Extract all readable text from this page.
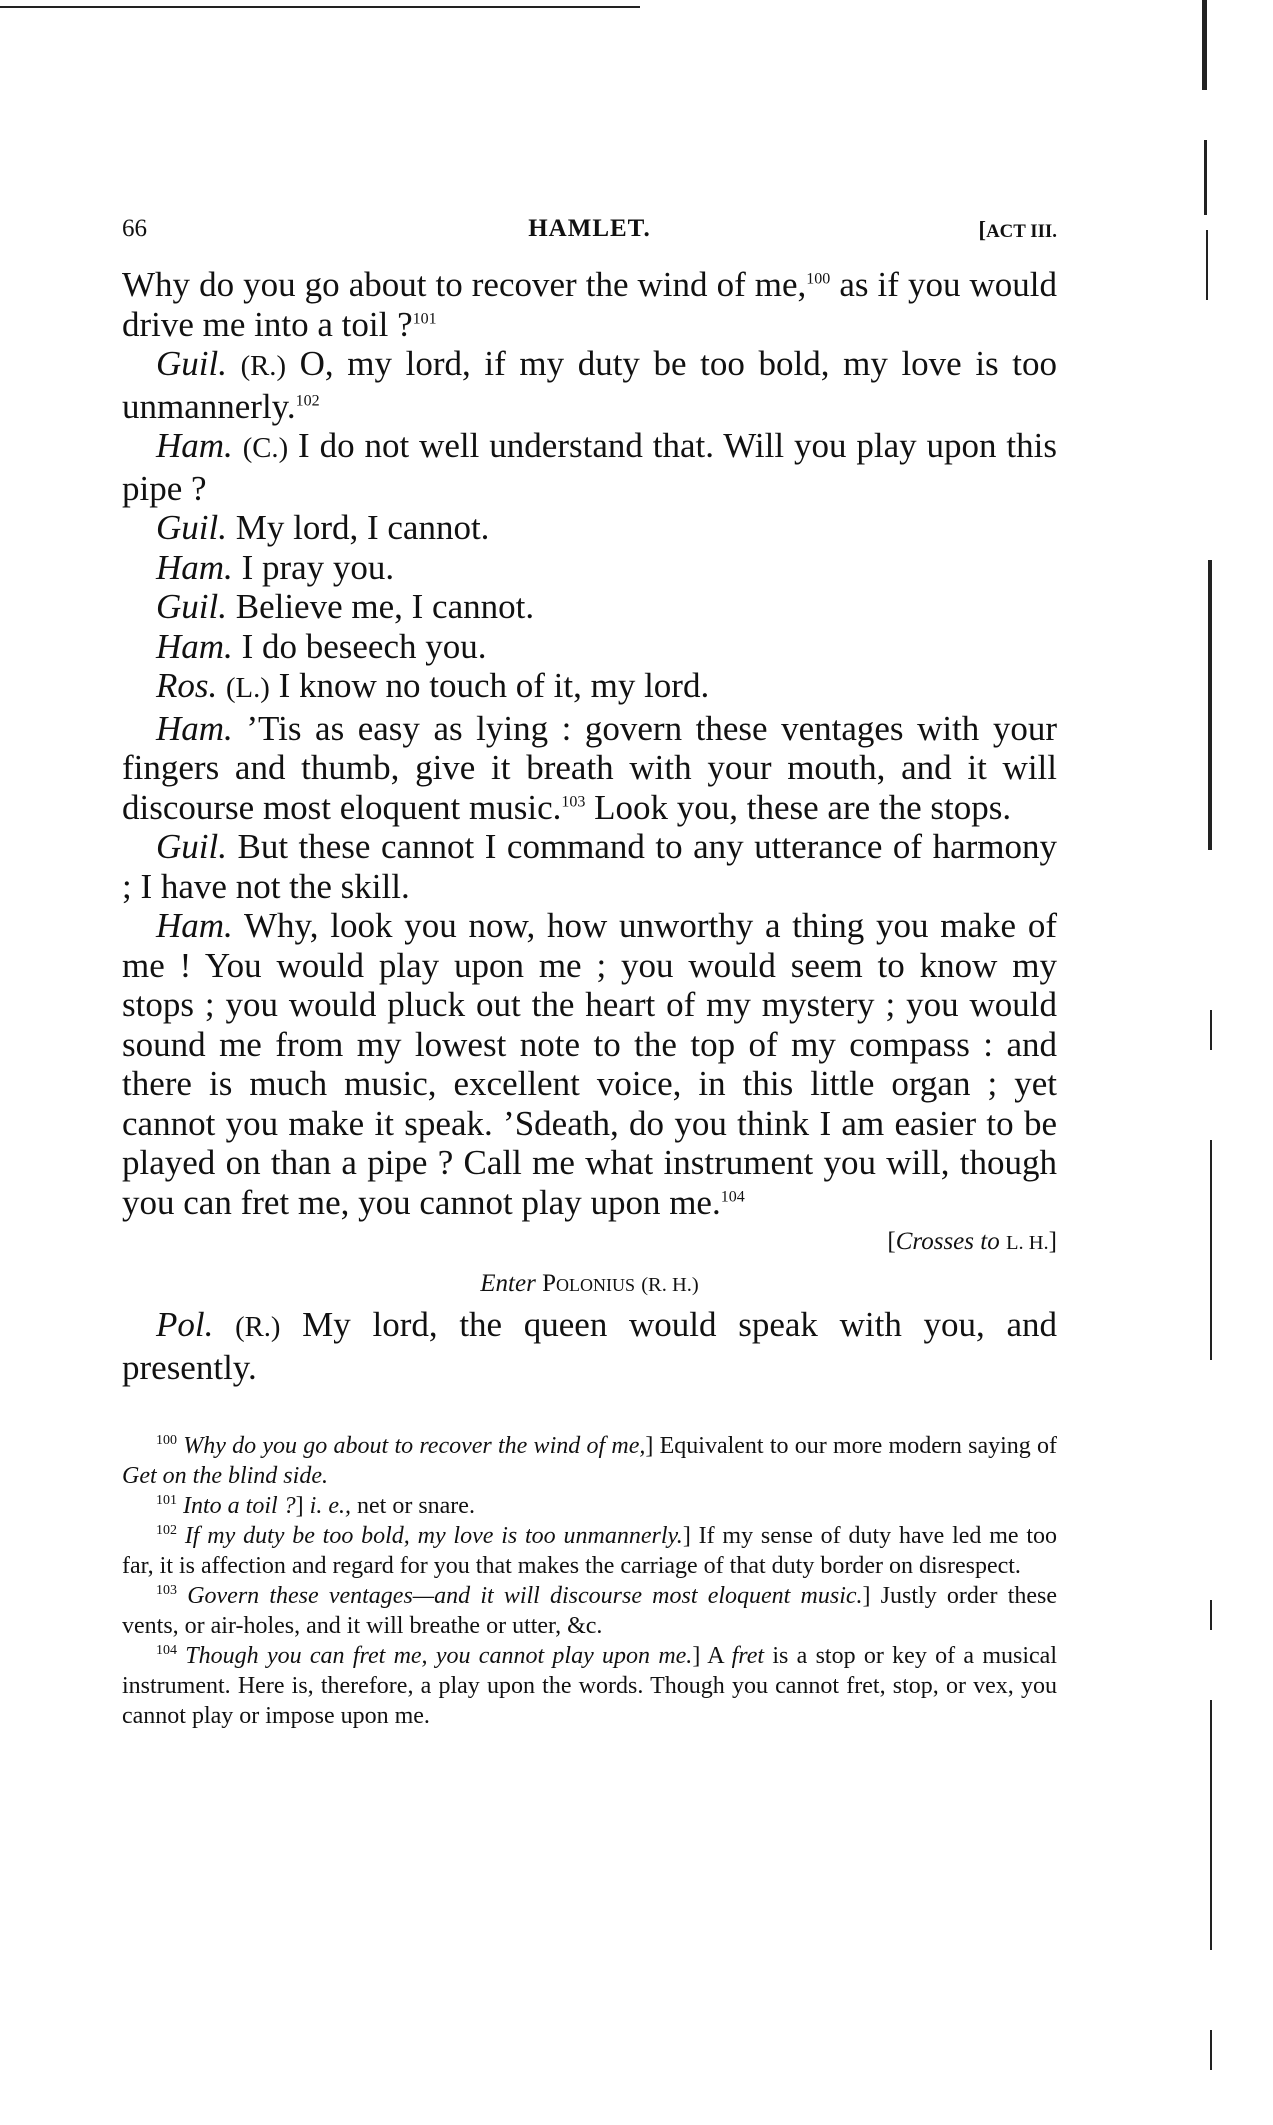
66	HAMLET.	[ACT III.

Why do you go about to recover the wind of me,$^{100}$ as if you would drive me into a toil ?$^{101}$

Guil. (R.) O, my lord, if my duty be too bold, my love is too unmannerly.$^{102}$

Ham. (C.) I do not well understand that. Will you play upon this pipe ?

Guil. My lord, I cannot.

Ham. I pray you.

Guil. Believe me, I cannot.

Ham. I do beseech you.

Ros. (L.) I know no touch of it, my lord.

Ham. ’Tis as easy as lying : govern these ventages with your fingers and thumb, give it breath with your mouth, and it will discourse most eloquent music.$^{103}$ Look you, these are the stops.

Guil. But these cannot I command to any utterance of harmony ; I have not the skill.

Ham. Why, look you now, how unworthy a thing you make of me ! You would play upon me ; you would seem to know my stops ; you would pluck out the heart of my mystery ; you would sound me from my lowest note to the top of my compass : and there is much music, excellent voice, in this little organ ; yet cannot you make it speak. ’Sdeath, do you think I am easier to be played on than a pipe ? Call me what instrument you will, though you can fret me, you cannot play upon me.$^{104}$

[Crosses to L. H.]

Enter Polonius (R. H.)

Pol. (R.) My lord, the queen would speak with you, and presently.

$^{100}$ Why do you go about to recover the wind of me,] Equivalent to our more modern saying of Get on the blind side.

$^{101}$ Into a toil ?] i. e., net or snare.

$^{102}$ If my duty be too bold, my love is too unmannerly.] If my sense of duty have led me too far, it is affection and regard for you that makes the carriage of that duty border on disrespect.

$^{103}$ Govern these ventages—and it will discourse most eloquent music.] Justly order these vents, or air-holes, and it will breathe or utter, &c.

$^{104}$ Though you can fret me, you cannot play upon me.] A fret is a stop or key of a musical instrument. Here is, therefore, a play upon the words. Though you cannot fret, stop, or vex, you cannot play or impose upon me.
